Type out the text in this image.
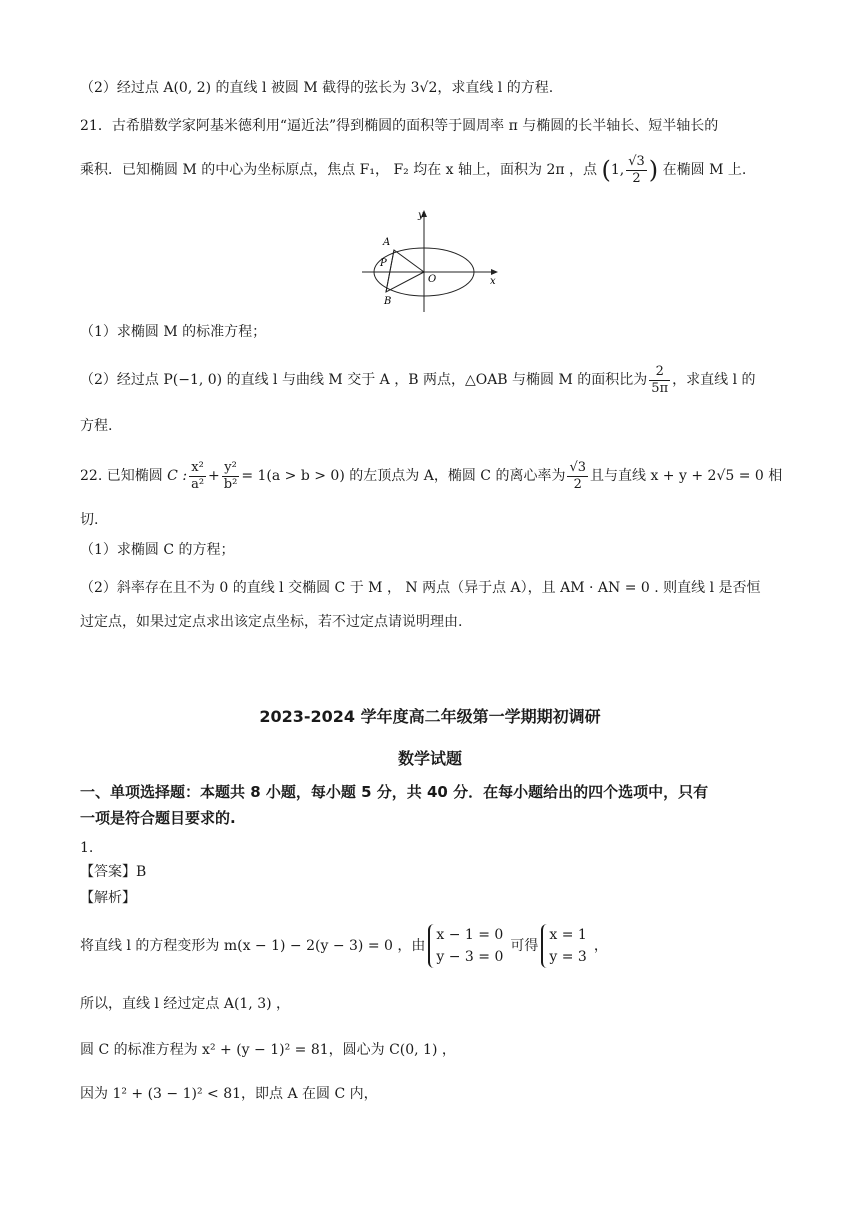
（2）经过点 A(0, 2) 的直线 l 被圆 M 截得的弦长为 3√2，求直线 l 的方程.
21．古希腊数学家阿基米德利用“逼近法”得到椭圆的面积等于圆周率 π 与椭圆的长半轴长、短半轴长的
乘积．已知椭圆 M 的中心为坐标原点，焦点 F₁， F₂ 均在 x 轴上，面积为 2π ，点 (1, $\frac{√3}{2}$ ) 在椭圆 M 上.
y
x
A
P
O
B
（1）求椭圆 M 的标准方程；
（2）经过点 P(−1, 0) 的直线 l 与曲线 M 交于 A ，B 两点，△OAB 与椭圆 M 的面积比为 $\frac{2}{5\pi}$ ，求直线 l 的
方程.
22. 已知椭圆 C : $\frac{\text{x²}}{\text{a²}} + \frac{\text{y²}}{\text{b²}} = 1(a > b > 0)$ 的左顶点为 A，椭圆 C 的离心率为 $\frac{√3}{2}$ 且与直线 x + y + 2√5 = 0 相
切.
（1）求椭圆 C 的方程；
（2）斜率存在且不为 0 的直线 l 交椭圆 C 于 M ， N 两点（异于点 A），且 AM · AN = 0 . 则直线 l 是否恒
过定点，如果过定点求出该定点坐标，若不过定点请说明理由.
2023-2024 学年度高二年级第一学期期初调研
数学试题
一、单项选择题：本题共 8 小题，每小题 5 分，共 40 分．在每小题给出的四个选项中，只有
一项是符合题目要求的.
1.
【答案】B
【解析】
将直线 l 的方程变形为 m(x − 1) − 2(y − 3) = 0 ，由
x − 1 = 0
y − 3 = 0
可得
x = 1
y = 3
，
所以，直线 l 经过定点 A(1, 3) ，
圆 C 的标准方程为 x² + (y − 1)² = 81，圆心为 C(0, 1) ，
因为 1² + (3 − 1)² < 81，即点 A 在圆 C 内，
